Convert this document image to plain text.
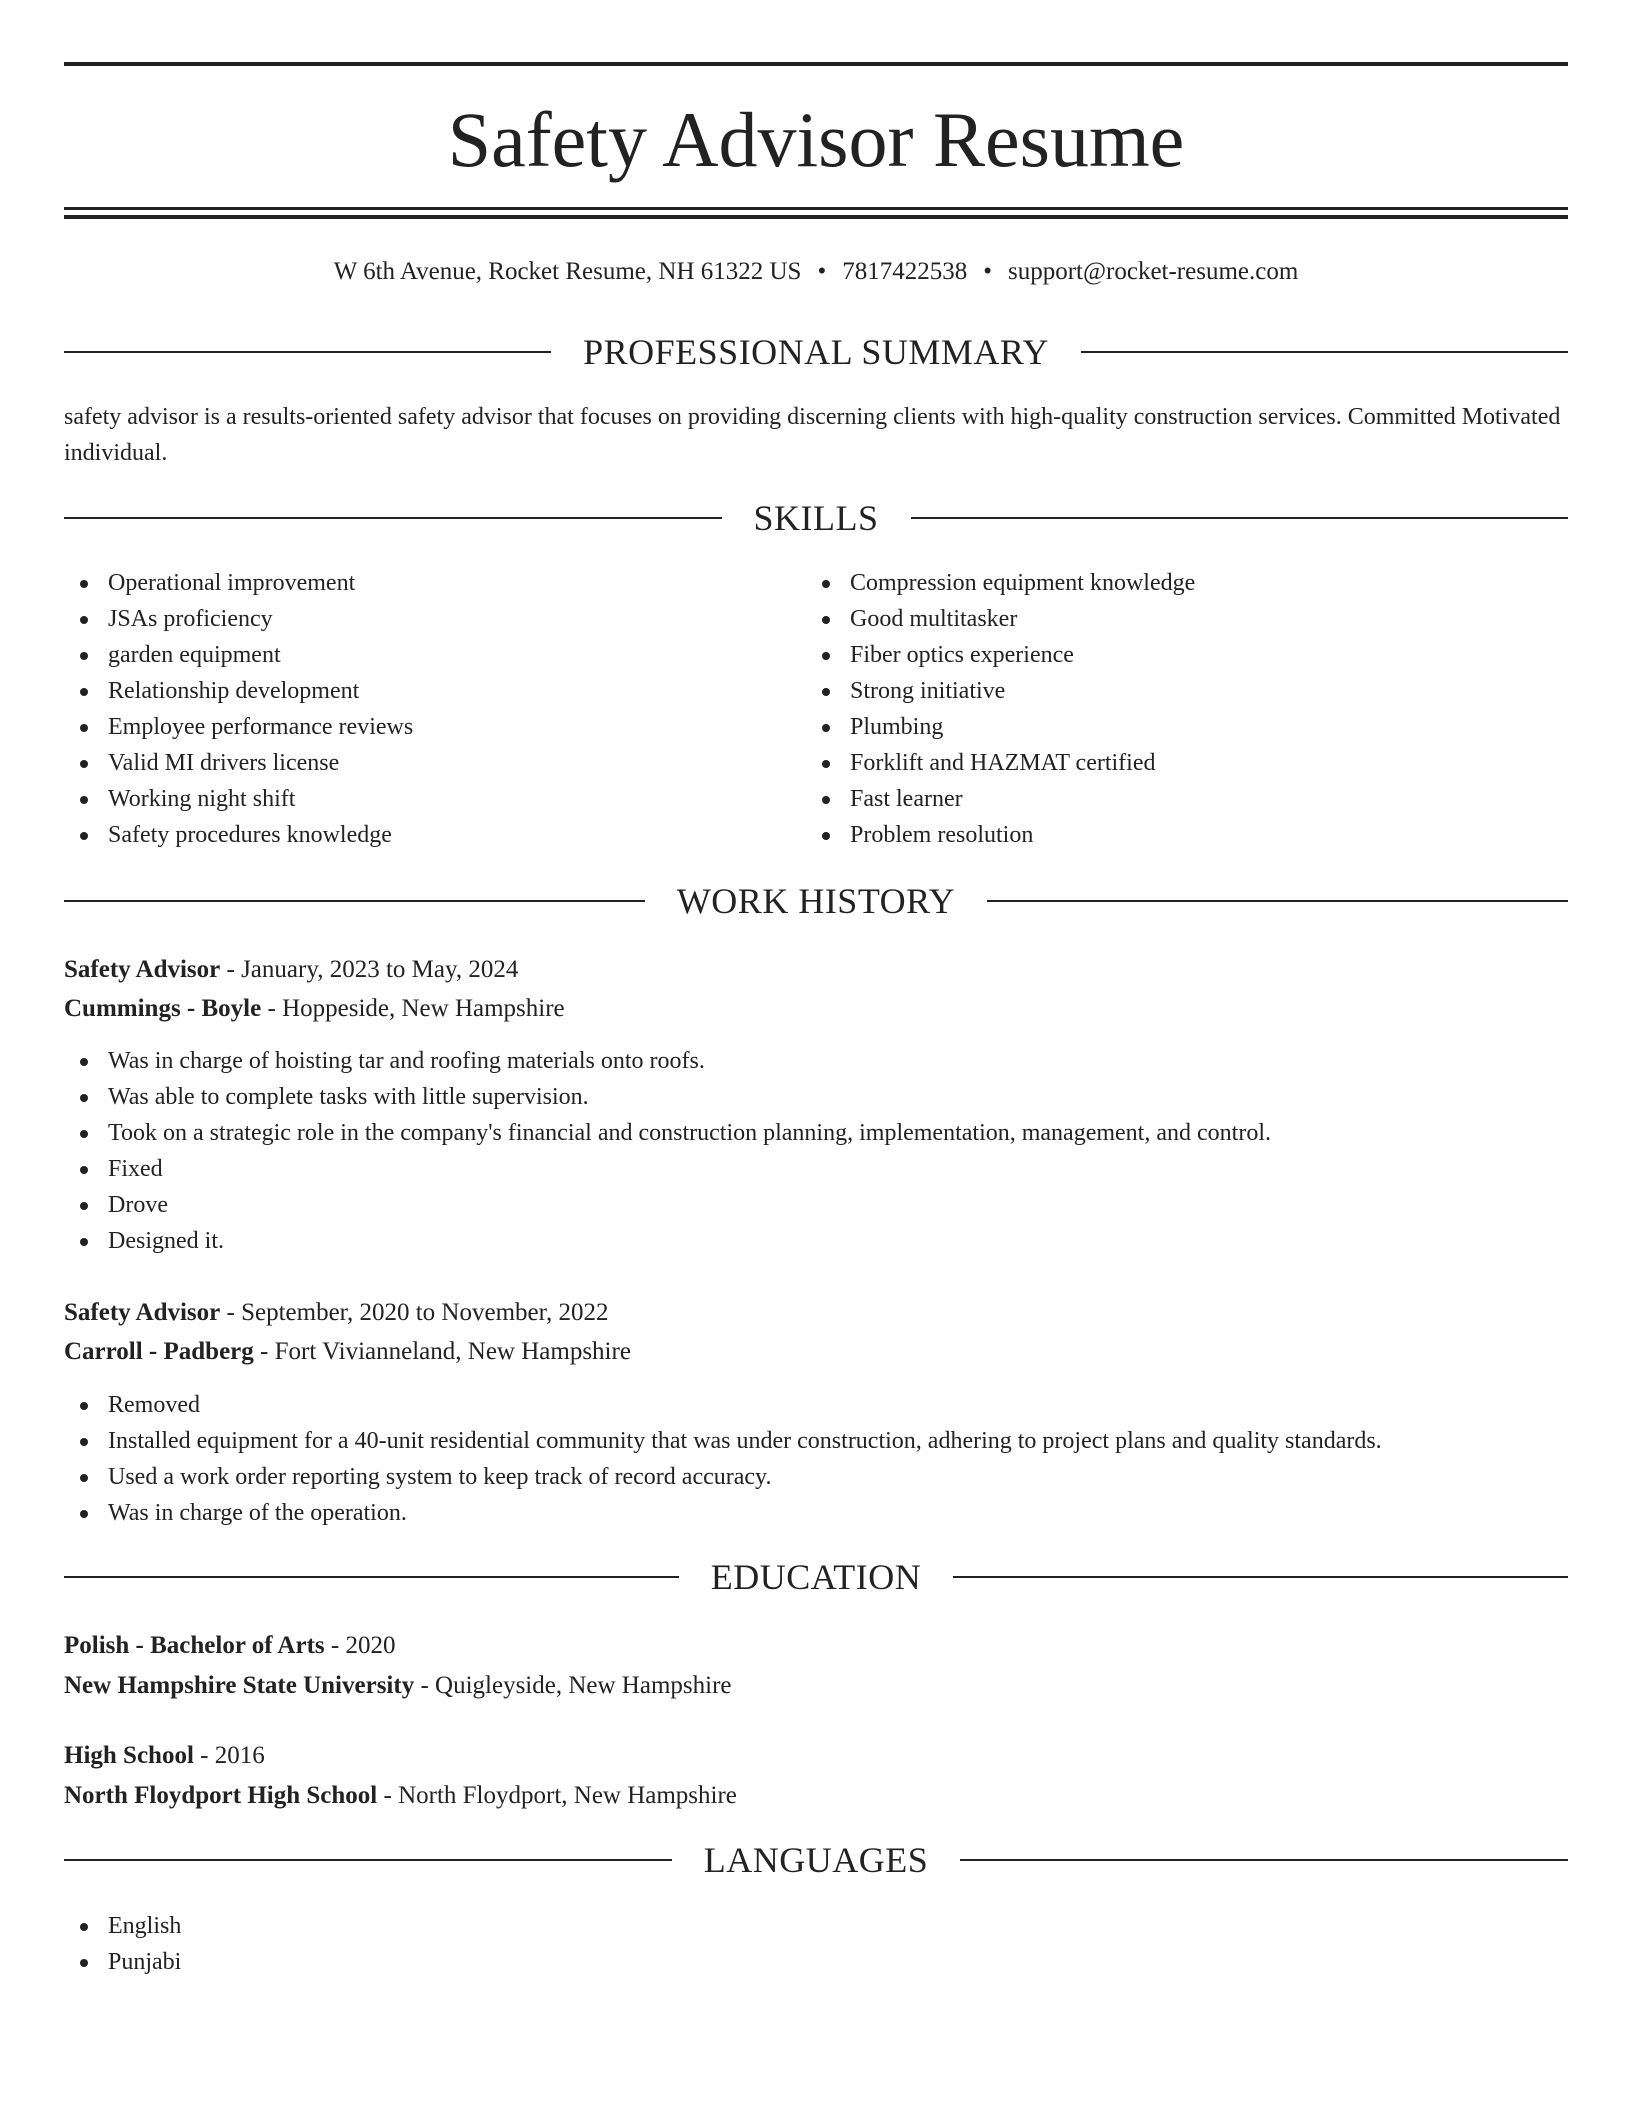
Safety Advisor Resume
W 6th Avenue, Rocket Resume, NH 61322 US • 7817422538 • support@rocket-resume.com
PROFESSIONAL SUMMARY
safety advisor is a results-oriented safety advisor that focuses on providing discerning clients with high-quality construction services. Committed Motivated individual.
SKILLS
Operational improvement
JSAs proficiency
garden equipment
Relationship development
Employee performance reviews
Valid MI drivers license
Working night shift
Safety procedures knowledge
Compression equipment knowledge
Good multitasker
Fiber optics experience
Strong initiative
Plumbing
Forklift and HAZMAT certified
Fast learner
Problem resolution
WORK HISTORY
Safety Advisor - January, 2023 to May, 2024
Cummings - Boyle - Hoppeside, New Hampshire
Was in charge of hoisting tar and roofing materials onto roofs.
Was able to complete tasks with little supervision.
Took on a strategic role in the company's financial and construction planning, implementation, management, and control.
Fixed
Drove
Designed it.
Safety Advisor - September, 2020 to November, 2022
Carroll - Padberg - Fort Vivianneland, New Hampshire
Removed
Installed equipment for a 40-unit residential community that was under construction, adhering to project plans and quality standards.
Used a work order reporting system to keep track of record accuracy.
Was in charge of the operation.
EDUCATION
Polish - Bachelor of Arts - 2020
New Hampshire State University - Quigleyside, New Hampshire
High School - 2016
North Floydport High School - North Floydport, New Hampshire
LANGUAGES
English
Punjabi
